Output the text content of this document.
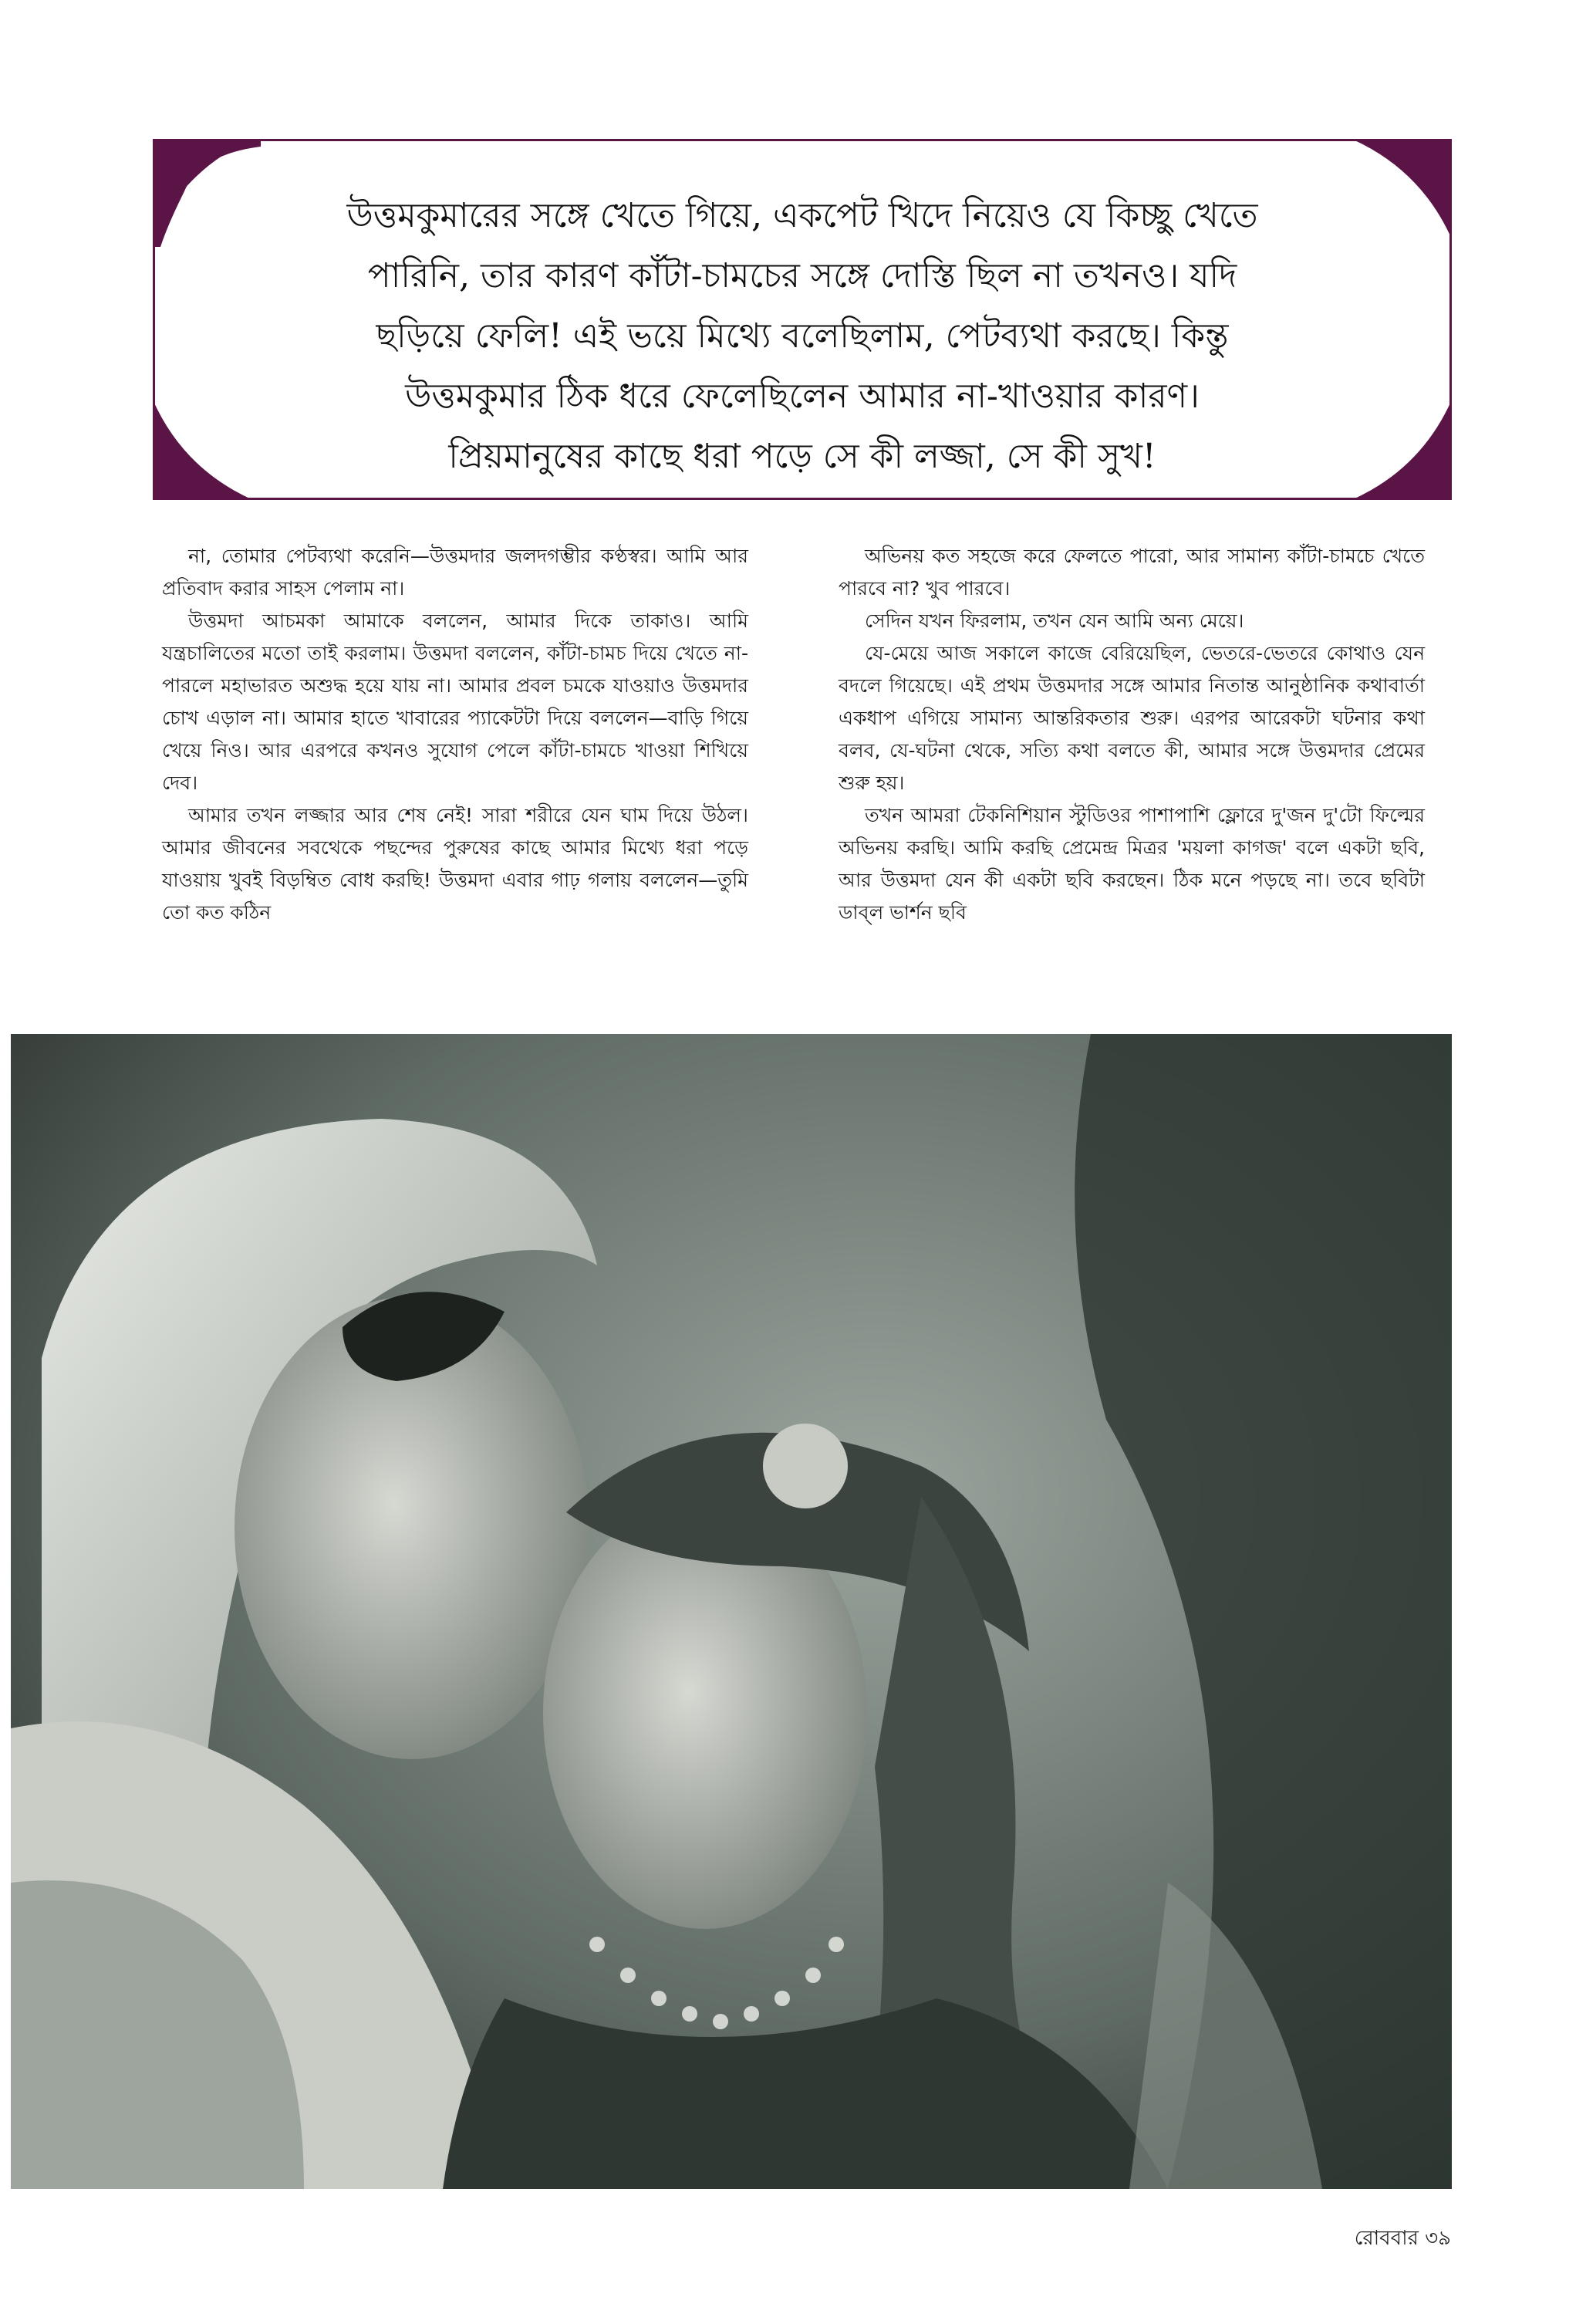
উত্তমকুমারের সঙ্গে খেতে গিয়ে, একপেট খিদে নিয়েও যে কিচ্ছু খেতে
পারিনি, তার কারণ কাঁটা-চামচের সঙ্গে দোস্তি ছিল না তখনও। যদি
ছড়িয়ে ফেলি! এই ভয়ে মিথ্যে বলেছিলাম, পেটব্যথা করছে। কিন্তু
উত্তমকুমার ঠিক ধরে ফেলেছিলেন আমার না-খাওয়ার কারণ।
প্রিয়মানুষের কাছে ধরা পড়ে সে কী লজ্জা, সে কী সুখ!

না, তোমার পেটব্যথা করেনি—উত্তমদার জলদগম্ভীর কণ্ঠস্বর। আমি আর প্রতিবাদ করার সাহস পেলাম না।

উত্তমদা আচমকা আমাকে বললেন, আমার দিকে তাকাও। আমি যন্ত্রচালিতের মতো তাই করলাম। উত্তমদা বললেন, কাঁটা-চামচ দিয়ে খেতে না-পারলে মহাভারত অশুদ্ধ হয়ে যায় না। আমার প্রবল চমকে যাওয়াও উত্তমদার চোখ এড়াল না। আমার হাতে খাবারের প্যাকেটটা দিয়ে বললেন—বাড়ি গিয়ে খেয়ে নিও। আর এরপরে কখনও সুযোগ পেলে কাঁটা-চামচে খাওয়া শিখিয়ে দেব।

আমার তখন লজ্জার আর শেষ নেই! সারা শরীরে যেন ঘাম দিয়ে উঠল। আমার জীবনের সবথেকে পছন্দের পুরুষের কাছে আমার মিথ্যে ধরা পড়ে যাওয়ায় খুবই বিড়ম্বিত বোধ করছি! উত্তমদা এবার গাঢ় গলায় বললেন—তুমি তো কত কঠিন

অভিনয় কত সহজে করে ফেলতে পারো, আর সামান্য কাঁটা-চামচে খেতে পারবে না? খুব পারবে।

সেদিন যখন ফিরলাম, তখন যেন আমি অন্য মেয়ে।

যে-মেয়ে আজ সকালে কাজে বেরিয়েছিল, ভেতরে-ভেতরে কোথাও যেন বদলে গিয়েছে। এই প্রথম উত্তমদার সঙ্গে আমার নিতান্ত আনুষ্ঠানিক কথাবার্তা একধাপ এগিয়ে সামান্য আন্তরিকতার শুরু। এরপর আরেকটা ঘটনার কথা বলব, যে-ঘটনা থেকে, সত্যি কথা বলতে কী, আমার সঙ্গে উত্তমদার প্রেমের শুরু হয়।

তখন আমরা টেকনিশিয়ান স্টুডিওর পাশাপাশি ফ্লোরে দু'জন দু'টো ফিল্মের অভিনয় করছি। আমি করছি প্রেমেন্দ্র মিত্রর 'ময়লা কাগজ' বলে একটা ছবি, আর উত্তমদা যেন কী একটা ছবি করছেন। ঠিক মনে পড়ছে না। তবে ছবিটা ডাব্‌ল ভার্শন ছবি

রোববার ৩৯
